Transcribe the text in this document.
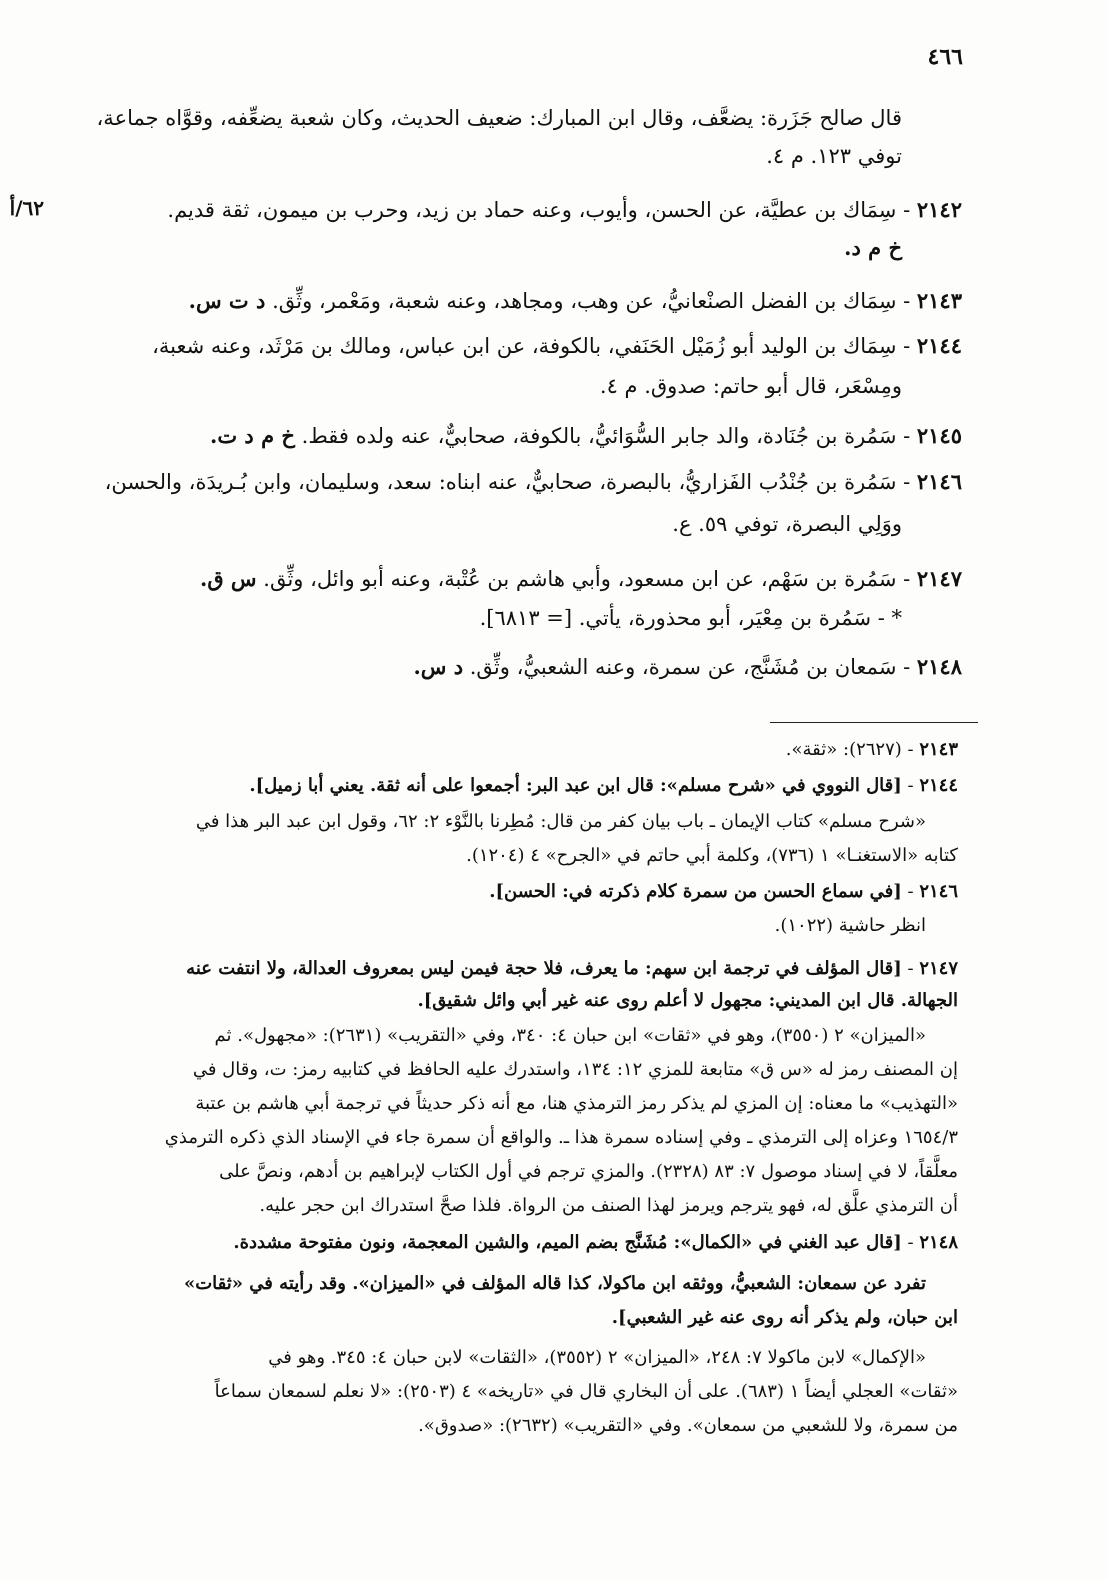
٤٦٦
٦٢/أ
قال صالح جَزَرة: يضعَّف، وقال ابن المبارك: ضعيف الحديث، وكان شعبة يضعِّفه، وقوَّاه جماعة،
توفي ١٢٣. م ٤.
٢١٤٢ - سِمَاك بن عطيَّة، عن الحسن، وأيوب، وعنه حماد بن زيد، وحرب بن ميمون، ثقة قديم.
خ م د.
٢١٤٣ - سِمَاك بن الفضل الصنْعانيُّ، عن وهب، ومجاهد، وعنه شعبة، ومَعْمر، وثِّق. د ت س.
٢١٤٤ - سِمَاك بن الوليد أبو زُمَيْل الحَنَفي، بالكوفة، عن ابن عباس، ومالك بن مَرْثَد، وعنه شعبة،
ومِسْعَر، قال أبو حاتم: صدوق. م ٤.
٢١٤٥ - سَمُرة بن جُنَادة، والد جابر السُّوَائيُّ، بالكوفة، صحابيٌّ، عنه ولده فقط. خ م د ت.
٢١٤٦ - سَمُرة بن جُنْدُب الفَزاريُّ، بالبصرة، صحابيٌّ، عنه ابناه: سعد، وسليمان، وابن بُـريدَة، والحسن،
ووَلِي البصرة، توفي ٥٩. ع.
٢١٤٧ - سَمُرة بن سَهْم، عن ابن مسعود، وأبي هاشم بن عُتْبة، وعنه أبو وائل، وثِّق. س ق.
* - سَمُرة بن مِعْيَر، أبو محذورة، يأتي. [= ٦٨١٣].
٢١٤٨ - سَمعان بن مُشَنَّج، عن سمرة، وعنه الشعبيُّ، وثِّق. د س.
٢١٤٣ - (٢٦٢٧): «ثقة».
٢١٤٤ - [قال النووي في «شرح مسلم»: قال ابن عبد البر: أجمعوا على أنه ثقة. يعني أبا زميل].
«شرح مسلم» كتاب الإيمان ـ باب بيان كفر من قال: مُطِرنا بالنَّوْء ٢: ٦٢، وقول ابن عبد البر هذا في
كتابه «الاستغنـا» ١ (٧٣٦)، وكلمة أبي حاتم في «الجرح» ٤ (١٢٠٤).
٢١٤٦ - [في سماع الحسن من سمرة كلام ذكرته في: الحسن].
انظر حاشية (١٠٢٢).
٢١٤٧ - [قال المؤلف في ترجمة ابن سهم: ما يعرف، فلا حجة فيمن ليس بمعروف العدالة، ولا انتفت عنه
الجهالة. قال ابن المديني: مجهول لا أعلم روى عنه غير أبي وائل شقيق].
«الميزان» ٢ (٣٥٥٠)، وهو في «ثقات» ابن حبان ٤: ٣٤٠، وفي «التقريب» (٢٦٣١): «مجهول». ثم
إن المصنف رمز له «س ق» متابعة للمزي ١٢: ١٣٤، واستدرك عليه الحافظ في كتابيه رمز: ت، وقال في
«التهذيب» ما معناه: إن المزي لم يذكر رمز الترمذي هنا، مع أنه ذكر حديثاً في ترجمة أبي هاشم بن عتبة
١٦٥٤/٣ وعزاه إلى الترمذي ـ وفي إسناده سمرة هذا ـ. والواقع أن سمرة جاء في الإسناد الذي ذكره الترمذي
معلَّقاً، لا في إسناد موصول ٧: ٨٣ (٢٣٢٨). والمزي ترجم في أول الكتاب لإبراهيم بن أدهم، ونصَّ على
أن الترمذي علَّق له، فهو يترجم ويرمز لهذا الصنف من الرواة. فلذا صحَّ استدراك ابن حجر عليه.
٢١٤٨ - [قال عبد الغني في «الكمال»: مُشَنَّج بضم الميم، والشين المعجمة، ونون مفتوحة مشددة.
تفرد عن سمعان: الشعبيُّ، ووثقه ابن ماكولا، كذا قاله المؤلف في «الميزان». وقد رأيته في «ثقات»
ابن حبان، ولم يذكر أنه روى عنه غير الشعبي].
«الإكمال» لابن ماكولا ٧: ٢٤٨، «الميزان» ٢ (٣٥٥٢)، «الثقات» لابن حبان ٤: ٣٤٥. وهو في
«ثقات» العجلي أيضاً ١ (٦٨٣). على أن البخاري قال في «تاريخه» ٤ (٢٥٠٣): «لا نعلم لسمعان سماعاً
من سمرة، ولا للشعبي من سمعان». وفي «التقريب» (٢٦٣٢): «صدوق».
